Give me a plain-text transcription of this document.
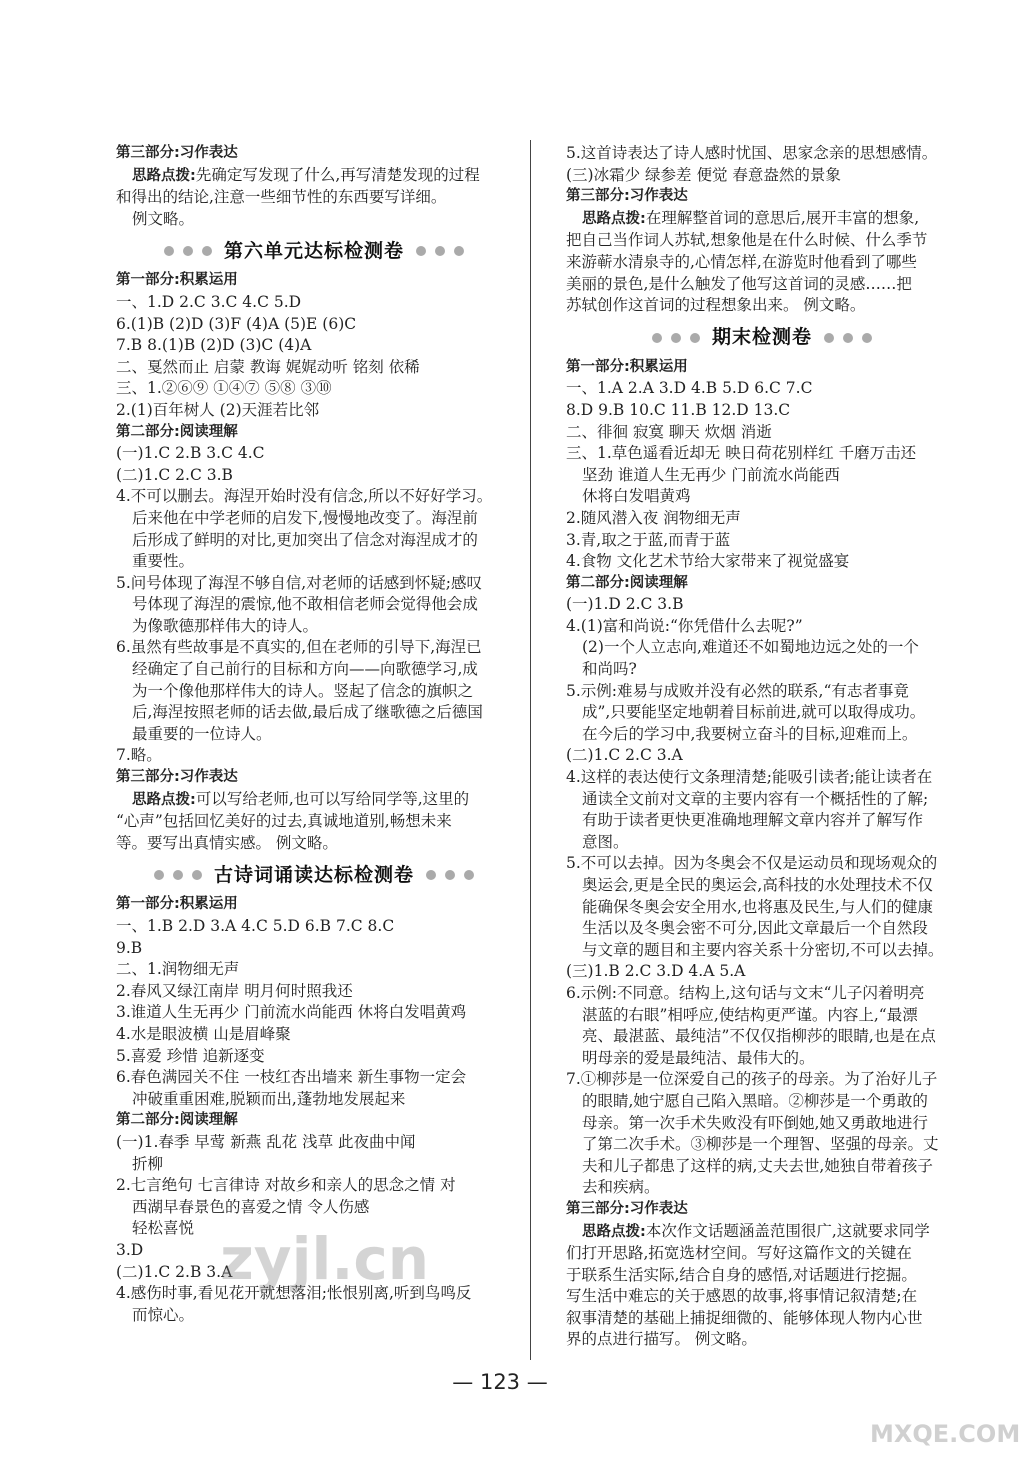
第三部分:习作表达
思路点拨:先确定写发现了什么,再写清楚发现的过程
和得出的结论,注意一些细节性的东西要写详细。
例文略。
第六单元达标检测卷
第一部分:积累运用
一、1.D 2.C 3.C 4.C 5.D
6.(1)B (2)D (3)F (4)A (5)E (6)C
7.B 8.(1)B (2)D (3)C (4)A
二、戛然而止 启蒙 教诲 娓娓动听 铭刻 依稀
三、1.②⑥⑨ ①④⑦ ⑤⑧ ③⑩
2.(1)百年树人 (2)天涯若比邻
第二部分:阅读理解
(一)1.C 2.B 3.C 4.C
(二)1.C 2.C 3.B
4.不可以删去。海涅开始时没有信念,所以不好好学习。
后来他在中学老师的启发下,慢慢地改变了。海涅前
后形成了鲜明的对比,更加突出了信念对海涅成才的
重要性。
5.问号体现了海涅不够自信,对老师的话感到怀疑;感叹
号体现了海涅的震惊,他不敢相信老师会觉得他会成
为像歌德那样伟大的诗人。
6.虽然有些故事是不真实的,但在老师的引导下,海涅已
经确定了自己前行的目标和方向——向歌德学习,成
为一个像他那样伟大的诗人。竖起了信念的旗帜之
后,海涅按照老师的话去做,最后成了继歌德之后德国
最重要的一位诗人。
7.略。
第三部分:习作表达
思路点拨:可以写给老师,也可以写给同学等,这里的
“心声”包括回忆美好的过去,真诚地道别,畅想未来
等。要写出真情实感。 例文略。
古诗词诵读达标检测卷
第一部分:积累运用
一、1.B 2.D 3.A 4.C 5.D 6.B 7.C 8.C
9.B
二、1.润物细无声
2.春风又绿江南岸 明月何时照我还
3.谁道人生无再少 门前流水尚能西 休将白发唱黄鸡
4.水是眼波横 山是眉峰聚
5.喜爱 珍惜 追新逐变
6.春色满园关不住 一枝红杏出墙来 新生事物一定会
冲破重重困难,脱颖而出,蓬勃地发展起来
第二部分:阅读理解
(一)1.春季 早莺 新燕 乱花 浅草 此夜曲中闻
折柳
2.七言绝句 七言律诗 对故乡和亲人的思念之情 对
西湖早春景色的喜爱之情 令人伤感
轻松喜悦
3.D
(二)1.C 2.B 3.A
4.感伤时事,看见花开就想落泪;怅恨别离,听到鸟鸣反
而惊心。
5.这首诗表达了诗人感时忧国、思家念亲的思想感情。
(三)冰霜少 绿参差 便觉 春意盎然的景象
第三部分:习作表达
思路点拨:在理解整首词的意思后,展开丰富的想象,
把自己当作词人苏轼,想象他是在什么时候、什么季节
来游蕲水清泉寺的,心情怎样,在游览时他看到了哪些
美丽的景色,是什么触发了他写这首词的灵感……把
苏轼创作这首词的过程想象出来。 例文略。
期末检测卷
第一部分:积累运用
一、1.A 2.A 3.D 4.B 5.D 6.C 7.C
8.D 9.B 10.C 11.B 12.D 13.C
二、徘徊 寂寞 聊天 炊烟 消逝
三、1.草色遥看近却无 映日荷花别样红 千磨万击还
坚劲 谁道人生无再少 门前流水尚能西
休将白发唱黄鸡
2.随风潜入夜 润物细无声
3.青,取之于蓝,而青于蓝
4.食物 文化艺术节给大家带来了视觉盛宴
第二部分:阅读理解
(一)1.D 2.C 3.B
4.(1)富和尚说:“你凭借什么去呢?”
(2)一个人立志向,难道还不如蜀地边远之处的一个
和尚吗?
5.示例:难易与成败并没有必然的联系,“有志者事竟
成”,只要能坚定地朝着目标前进,就可以取得成功。
在今后的学习中,我要树立奋斗的目标,迎难而上。
(二)1.C 2.C 3.A
4.这样的表达使行文条理清楚;能吸引读者;能让读者在
通读全文前对文章的主要内容有一个概括性的了解;
有助于读者更快更准确地理解文章内容并了解写作
意图。
5.不可以去掉。因为冬奥会不仅是运动员和现场观众的
奥运会,更是全民的奥运会,高科技的水处理技术不仅
能确保冬奥会安全用水,也将惠及民生,与人们的健康
生活以及冬奥会密不可分,因此文章最后一个自然段
与文章的题目和主要内容关系十分密切,不可以去掉。
(三)1.B 2.C 3.D 4.A 5.A
6.示例:不同意。结构上,这句话与文末“儿子闪着明亮
湛蓝的右眼”相呼应,使结构更严谨。内容上,“最漂
亮、最湛蓝、最纯洁”不仅仅指柳莎的眼睛,也是在点
明母亲的爱是最纯洁、最伟大的。
7.①柳莎是一位深爱自己的孩子的母亲。为了治好儿子
的眼睛,她宁愿自己陷入黑暗。②柳莎是一个勇敢的
母亲。第一次手术失败没有吓倒她,她又勇敢地进行
了第二次手术。③柳莎是一个理智、坚强的母亲。丈
夫和儿子都患了这样的病,丈夫去世,她独自带着孩子
去和疾病。
第三部分:习作表达
思路点拨:本次作文话题涵盖范围很广,这就要求同学
们打开思路,拓宽选材空间。写好这篇作文的关键在
于联系生活实际,结合自身的感悟,对话题进行挖掘。
写生活中难忘的关于感恩的故事,将事情记叙清楚;在
叙事清楚的基础上捕捉细微的、能够体现人物内心世
界的点进行描写。 例文略。
— 123 —
zyjl.cn
MXQE.COM
